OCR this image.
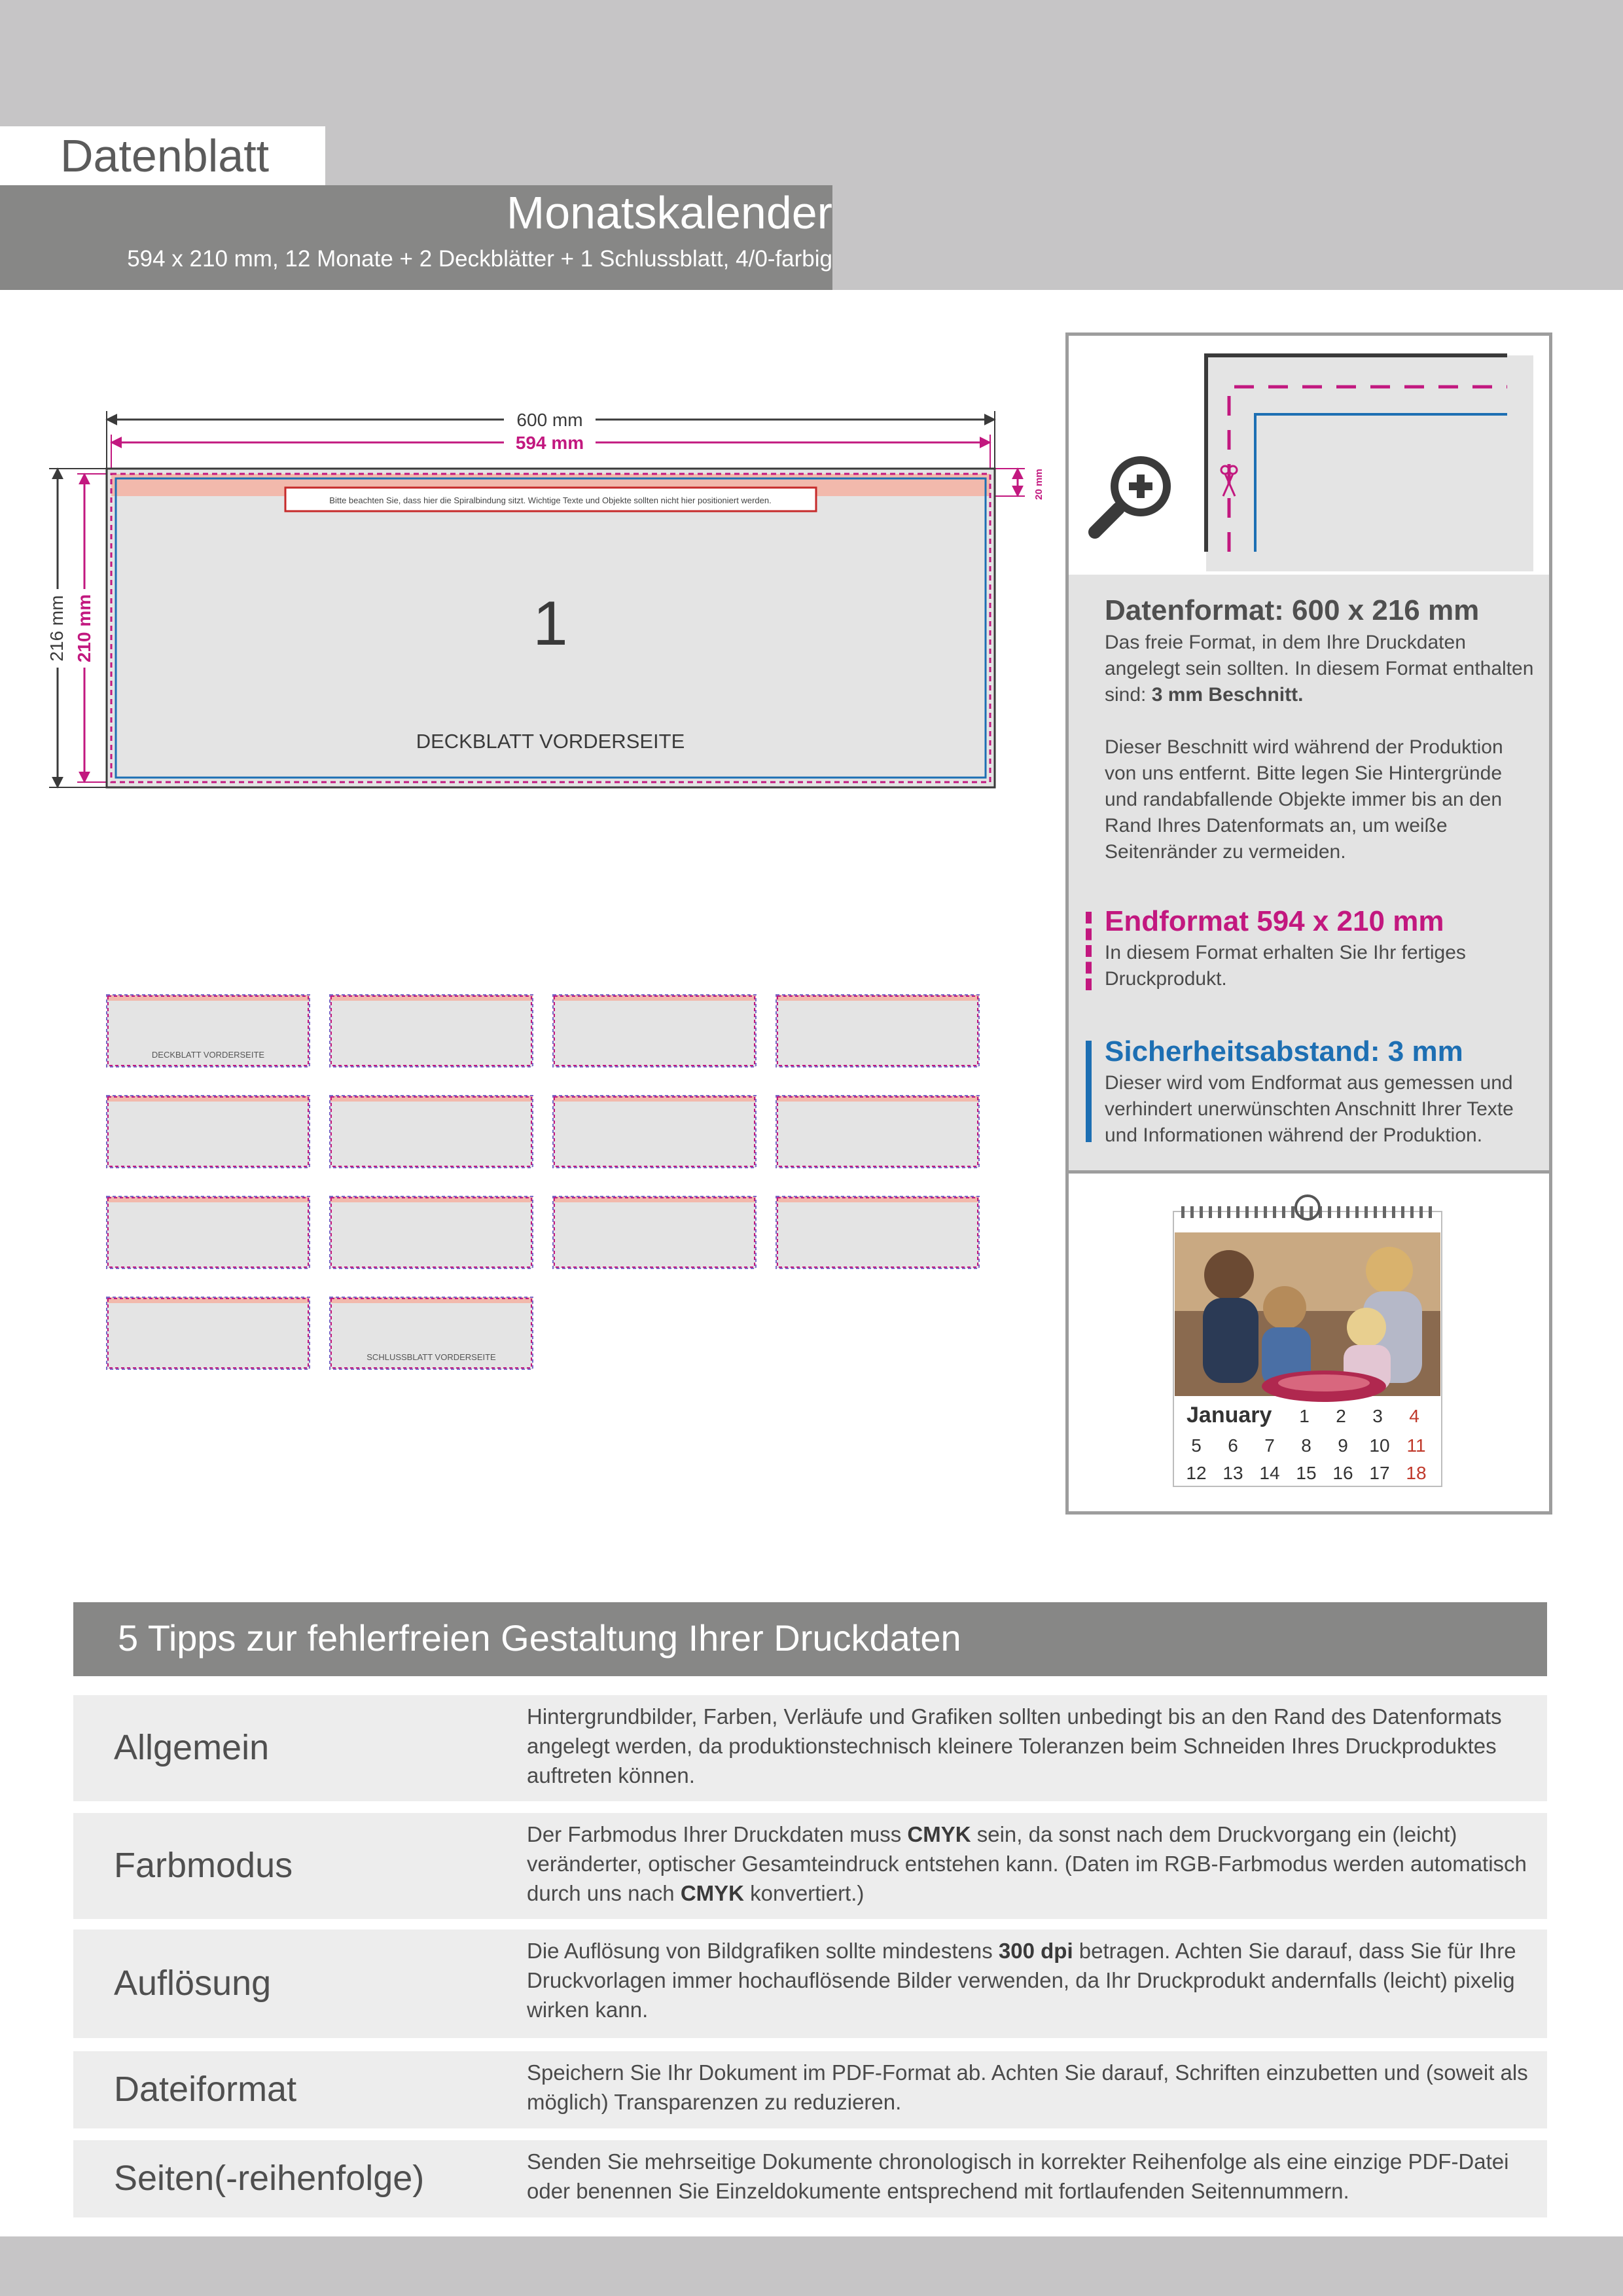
Datenblatt
Monatskalender
594 x 210 mm, 12 Monate + 2 Deckblätter + 1 Schlussblatt, 4/0-farbig
600 mm
594 mm
216 mm 210 mm
20 mm
Bitte beachten Sie, dass hier die Spiralbindung sitzt. Wichtige Texte und Objekte sollten nicht hier positioniert werden.
1
DECKBLATT VORDERSEITE
DECKBLATT VORDERSEITE
SCHLUSSBLATT VORDERSEITE
Datenformat: 600 x 216 mm
Das freie Format, in dem Ihre Druckdaten angelegt sein sollten. In diesem Format enthalten sind: 3 mm Beschnitt.
Dieser Beschnitt wird während der Produktion von uns entfernt. Bitte legen Sie Hintergründe und randabfallende Objekte immer bis an den Rand Ihres Datenformats an, um weiße Seitenränder zu vermeiden.
Endformat 594 x 210 mm
In diesem Format erhalten Sie Ihr fertiges Druckprodukt.
Sicherheitsabstand: 3 mm
Dieser wird vom Endformat aus gemessen und verhindert unerwünschten Anschnitt Ihrer Texte und Informationen während der Produktion.
January 1 2 3 4
5 6 7 8 9 10 11
12 13 14 15 16 17 18
5 Tipps zur fehlerfreien Gestaltung Ihrer Druckdaten
Allgemein
Hintergrundbilder, Farben, Verläufe und Grafiken sollten unbedingt bis an den Rand des Datenformats angelegt werden, da produktionstechnisch kleinere Toleranzen beim Schneiden Ihres Druckproduktes auftreten können.
Farbmodus
Der Farbmodus Ihrer Druckdaten muss CMYK sein, da sonst nach dem Druckvorgang ein (leicht) veränderter, optischer Gesamteindruck entstehen kann. (Daten im RGB-Farbmodus werden automatisch durch uns nach CMYK konvertiert.)
Auflösung
Die Auflösung von Bildgrafiken sollte mindestens 300 dpi betragen. Achten Sie darauf, dass Sie für Ihre Druckvorlagen immer hochauflösende Bilder verwenden, da Ihr Druckprodukt andernfalls (leicht) pixelig wirken kann.
Dateiformat	Speichern Sie Ihr Dokument im PDF-Format ab. Achten Sie darauf, Schriften einzubetten und (soweit als möglich) Transparenzen zu reduzieren.
Seiten(-reihenfolge)	Senden Sie mehrseitige Dokumente chronologisch in korrekter Reihenfolge als eine einzige PDF-Datei oder benennen Sie Einzeldokumente entsprechend mit fortlaufenden Seitennummern.
